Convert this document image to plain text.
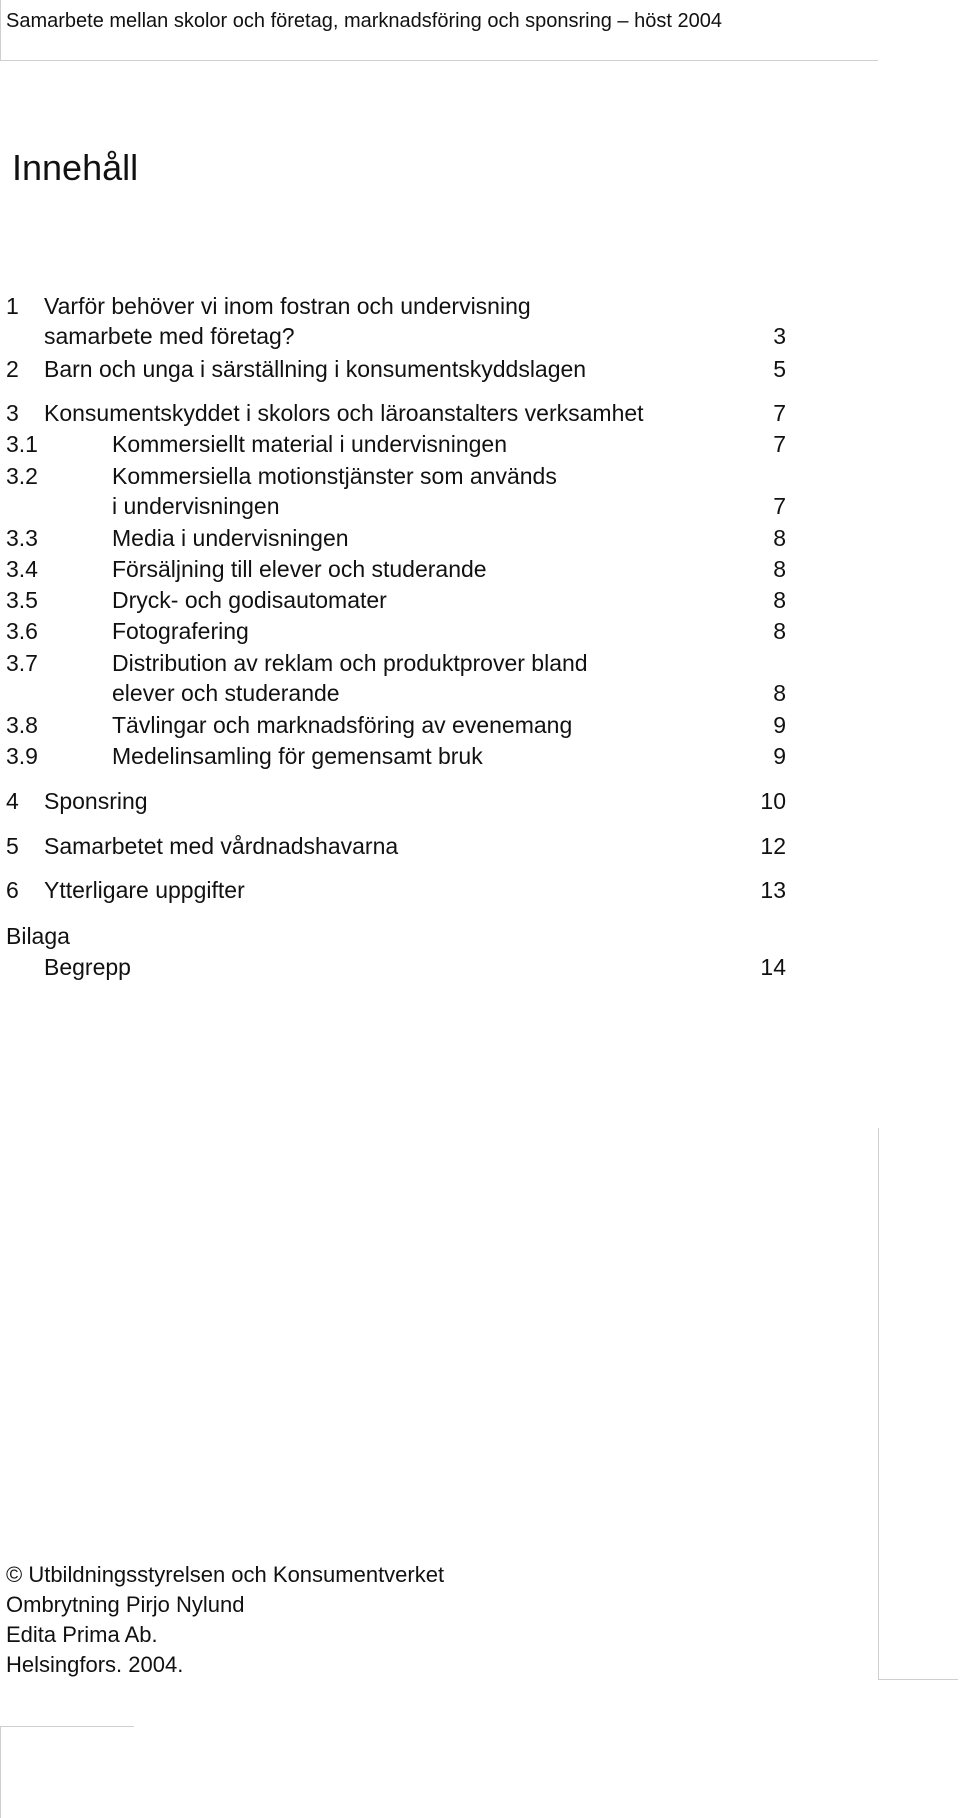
Samarbete mellan skolor och företag, marknadsföring och sponsring – höst 2004
Innehåll
1 Varför behöver vi inom fostran och undervisning
samarbete med företag?	3
2 Barn och unga i särställning i konsumentskyddslagen	5
3 Konsumentskyddet i skolors och läroanstalters verksamhet	7
3.1	Kommersiellt material i undervisningen	7
3.2	Kommersiella motionstjänster som används
i undervisningen	7
3.3	Media i undervisningen	8
3.4	Försäljning till elever och studerande	8
3.5	Dryck- och godisautomater	8
3.6	Fotografering	8
3.7	Distribution av reklam och produktprover bland
elever och studerande	8
3.8	Tävlingar och marknadsföring av evenemang	9
3.9	Medelinsamling för gemensamt bruk	9
4 Sponsring	10
5 Samarbetet med vårdnadshavarna	12
6 Ytterligare uppgifter	13
Bilaga
Begrepp	14
© Utbildningsstyrelsen och Konsumentverket
Ombrytning Pirjo Nylund
Edita Prima Ab.
Helsingfors. 2004.
